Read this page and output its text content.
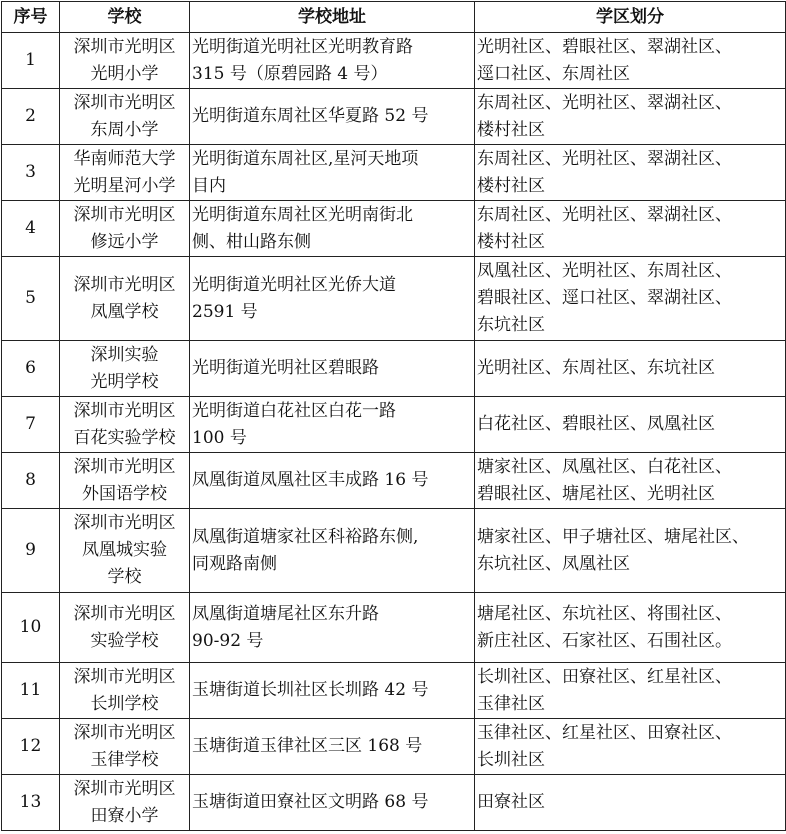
序号	学校	学校地址	学区划分

1	深圳市光明区
光明小学	光明街道光明社区光明教育路
315 号（原碧园路 4 号）	光明社区、碧眼社区、翠湖社区、
逕口社区、东周社区

2	深圳市光明区
东周小学	光明街道东周社区华夏路 52 号	东周社区、光明社区、翠湖社区、
楼村社区

3	华南师范大学
光明星河小学	光明街道东周社区,星河天地项
目内	东周社区、光明社区、翠湖社区、
楼村社区

4	深圳市光明区
修远小学	光明街道东周社区光明南街北
侧、柑山路东侧	东周社区、光明社区、翠湖社区、
楼村社区

5	深圳市光明区
凤凰学校	光明街道光明社区光侨大道
2591 号	凤凰社区、光明社区、东周社区、
碧眼社区、逕口社区、翠湖社区、
东坑社区

6	深圳实验
光明学校	光明街道光明社区碧眼路	光明社区、东周社区、东坑社区

7	深圳市光明区
百花实验学校	光明街道白花社区白花一路
100 号	白花社区、碧眼社区、凤凰社区

8	深圳市光明区
外国语学校	凤凰街道凤凰社区丰成路 16 号	塘家社区、凤凰社区、白花社区、
碧眼社区、塘尾社区、光明社区

9	深圳市光明区
凤凰城实验
学校	凤凰街道塘家社区科裕路东侧,
同观路南侧	塘家社区、甲子塘社区、塘尾社区、
东坑社区、凤凰社区

10	深圳市光明区
实验学校	凤凰街道塘尾社区东升路
90-92 号	塘尾社区、东坑社区、将围社区、
新庄社区、石家社区、石围社区。

11	深圳市光明区
长圳学校	玉塘街道长圳社区长圳路 42 号	长圳社区、田寮社区、红星社区、
玉律社区

12	深圳市光明区
玉律学校	玉塘街道玉律社区三区 168 号	玉律社区、红星社区、田寮社区、
长圳社区

13	深圳市光明区
田寮小学	玉塘街道田寮社区文明路 68 号	田寮社区
